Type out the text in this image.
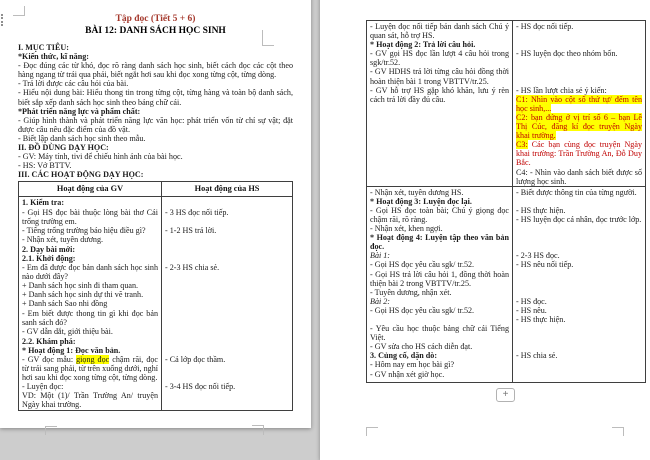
Tập đọc (Tiết 5 + 6)
BÀI 12: DANH SÁCH HỌC SINH
I. MỤC TIÊU:
*Kiến thức, kĩ năng:
- Đọc đúng các từ khó, đọc rõ ràng danh sách học sinh, biết cách đọc các cột theo hàng ngang từ trái qua phải, biết ngắt hơi sau khi đọc xong từng cột, từng dòng.
- Trả lời được các câu hỏi của bài.
- Hiểu nội dung bài: Hiểu thong tin trong từng cột, từng hàng và toàn bộ danh sách, biết sắp xếp danh sách học sinh theo bảng chữ cái.
*Phát triển năng lực và phẩm chất:
- Giúp hình thành và phát triển năng lực văn học: phát triển vốn từ chỉ sự vật; đặt được câu nêu đặc điểm của đồ vật.
- Biết lập danh sách học sinh theo mẫu.
II. ĐỒ DÙNG DẠY HỌC:
- GV: Máy tính, tivi để chiếu hình ảnh của bài học.
- HS: Vở BTTV.
III. CÁC HOẠT ĐỘNG DẠY HỌC:
Hoạt động của GV	Hoạt động của HS
1. Kiểm tra:
- Gọi HS đọc bài thuộc lòng bài thơ Cái trống trường em.
- Tiếng trống trường báo hiệu điều gì?
- Nhận xét, tuyên dương.
- 3 HS đọc nối tiếp.
- 1-2 HS trả lời.
2. Dạy bài mới:
2.1. Khởi động:
- Em đã được đọc bản danh sách học sinh nào dưới đây?
+ Danh sách học sinh đi tham quan.
+ Danh sách học sinh dự thi vẽ tranh.
+ Danh sách Sao nhi đồng
- Em biết được thong tin gì khi đọc bản sanh sách đó?
- GV dẫn dắt, giới thiệu bài.
- 2-3 HS chia sẻ.
2.2. Khám phá:
* Hoạt động 1: Đọc văn bản.
- GV đọc mẫu: giọng đọc chậm rãi, đọc từ trái sang phải, từ trên xuống dưới, nghỉ hơi sau khi đọc xong từng cột, từng dòng.
- Luyện đọc:
VD: Một (1)/ Trần Trường An/ truyện Ngày khai trường.
- Cả lớp đọc thầm.
- 3-4 HS đọc nối tiếp.
- Luyện đọc nối tiếp bản danh sách Chú ý quan sát, hỗ trợ HS.
* Hoạt động 2: Trả lời câu hỏi.
- GV gọi HS đọc lần lượt 4 câu hỏi trong sgk/tr.52.
- GV HDHS trả lời từng câu hỏi đồng thời hoàn thiện bài 1 trong VBTTV/tr.25.
- GV hỗ trợ HS gặp khó khăn, lưu ý rèn cách trả lời đầy đủ câu.
- HS đọc nối tiếp.
- HS luyện đọc theo nhóm bốn.
- HS lần lượt chia sẻ ý kiến:
C1: Nhìn vào cột số thứ tự/ đếm tên học sinh,...
C2: bạn đứng ở vị trí số 6 – bạn Lê Thị Cúc, đăng kí đọc truyện Ngày khai trường.
C3: Các bạn cùng đọc truyện Ngày khai trường: Trần Trường An, Đỗ Duy Bắc.
C4: - Nhìn vào danh sách biết được số lượng học sinh.
- Nhận xét, tuyên dương HS.
* Hoạt động 3: Luyện đọc lại.
- Gọi HS đọc toàn bài; Chú ý giọng đọc chậm rãi, rõ ràng.
- Nhận xét, khen ngợi.
* Hoạt động 4: Luyện tập theo văn bản đọc.
Bài 1:
- Gọi HS đọc yêu cầu sgk/ tr.52.
- Gọi HS trả lời câu hỏi 1, đồng thời hoàn thiện bài 2 trong VBTTV/tr.25.
- Tuyên dương, nhận xét.
Bài 2:
- Gọi HS đọc yêu cầu sgk/ tr.52.
- Yêu cầu học thuộc bảng chữ cái Tiếng Việt.
- GV sửa cho HS cách diễn đạt.
3. Củng cố, dặn dò:
- Hôm nay em học bài gì?
- GV nhận xét giờ học.
- Biết được thông tin của từng người.
- HS thực hiện.
- HS luyện đọc cá nhân, đọc trước lớp.
- 2-3 HS đọc.
- HS nêu nối tiếp.
- HS đọc.
- HS nêu.
- HS thực hiện.
- HS chia sẻ.
+
